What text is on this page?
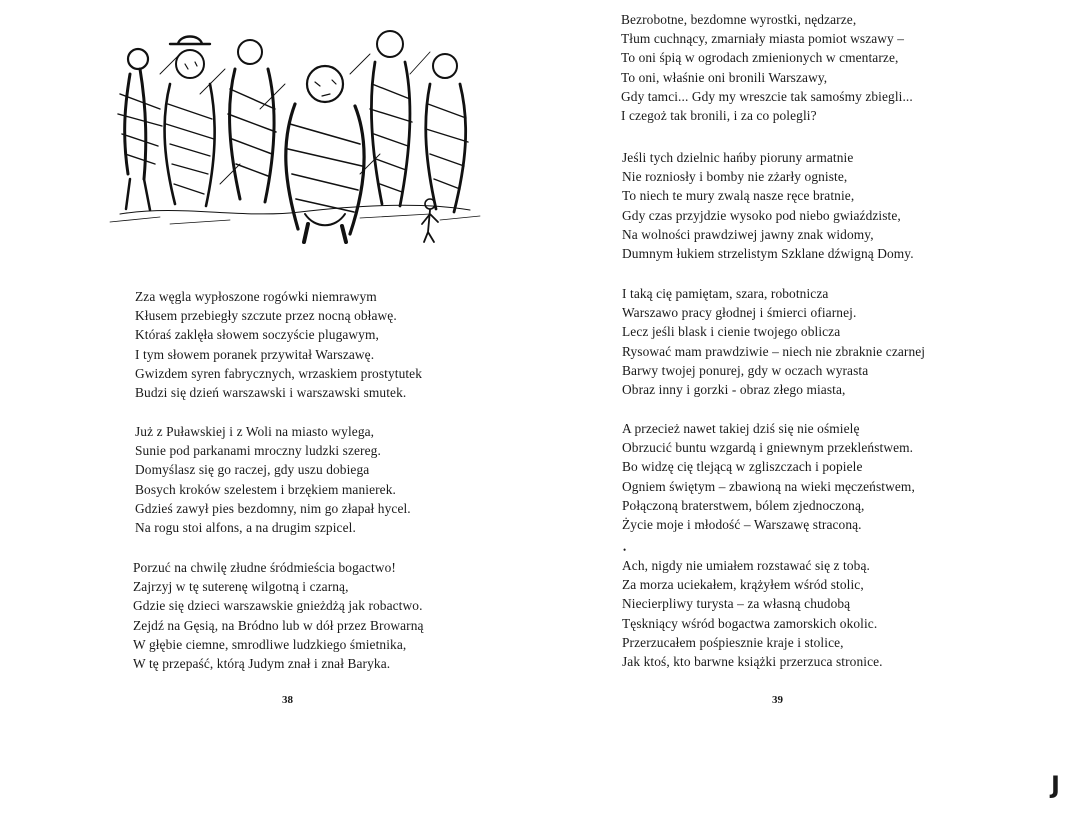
Zza węgla wypłoszone rogówki niemrawym
Kłusem przebiegły szczute przez nocną obławę.
Któraś zaklęła słowem soczyście plugawym,
I tym słowem poranek przywitał Warszawę.
Gwizdem syren fabrycznych, wrzaskiem prostytutek
Budzi się dzień warszawski i warszawski smutek.
Już z Puławskiej i z Woli na miasto wylega,
Sunie pod parkanami mroczny ludzki szereg.
Domyślasz się go raczej, gdy uszu dobiega
Bosych kroków szelestem i brzękiem manierek.
Gdzieś zawył pies bezdomny, nim go złapał hycel.
Na rogu stoi alfons, a na drugim szpicel.
Porzuć na chwilę złudne śródmieścia bogactwo!
Zajrzyj w tę suterenę wilgotną i czarną,
Gdzie się dzieci warszawskie gnieżdżą jak robactwo.
Zejdź na Gęsią, na Bródno lub w dół przez Browarną
W głębie ciemne, smrodliwe ludzkiego śmietnika,
W tę przepaść, którą Judym znał i znał Baryka.
38
Bezrobotne, bezdomne wyrostki, nędzarze,
Tłum cuchnący, zmarniały miasta pomiot wszawy –
To oni śpią w ogrodach zmienionych w cmentarze,
To oni, właśnie oni bronili Warszawy,
Gdy tamci... Gdy my wreszcie tak samośmy zbiegli...
I czegoż tak bronili, i za co polegli?
Jeśli tych dzielnic hańby pioruny armatnie
Nie rozniosły i bomby nie zżarły ogniste,
To niech te mury zwalą nasze ręce bratnie,
Gdy czas przyjdzie wysoko pod niebo gwiaździste,
Na wolności prawdziwej jawny znak widomy,
Dumnym łukiem strzelistym Szklane dźwigną Domy.
I taką cię pamiętam, szara, robotnicza
Warszawo pracy głodnej i śmierci ofiarnej.
Lecz jeśli blask i cienie twojego oblicza
Rysować mam prawdziwie – niech nie zbraknie czarnej
Barwy twojej ponurej, gdy w oczach wyrasta
Obraz inny i gorzki - obraz złego miasta,
A przecież nawet takiej dziś się nie ośmielę
Obrzucić buntu wzgardą i gniewnym przekleństwem.
Bo widzę cię tlejącą w zgliszczach i popiele
Ogniem świętym – zbawioną na wieki męczeństwem,
Połączoną braterstwem, bólem zjednoczoną,
Życie moje i młodość – Warszawę straconą.
•
Ach, nigdy nie umiałem rozstawać się z tobą.
Za morza uciekałem, krążyłem wśród stolic,
Niecierpliwy turysta – za własną chudobą
Tęskniący wśród bogactwa zamorskich okolic.
Przerzucałem pośpiesznie kraje i stolice,
Jak ktoś, kto barwne książki przerzuca stronice.
39
J
